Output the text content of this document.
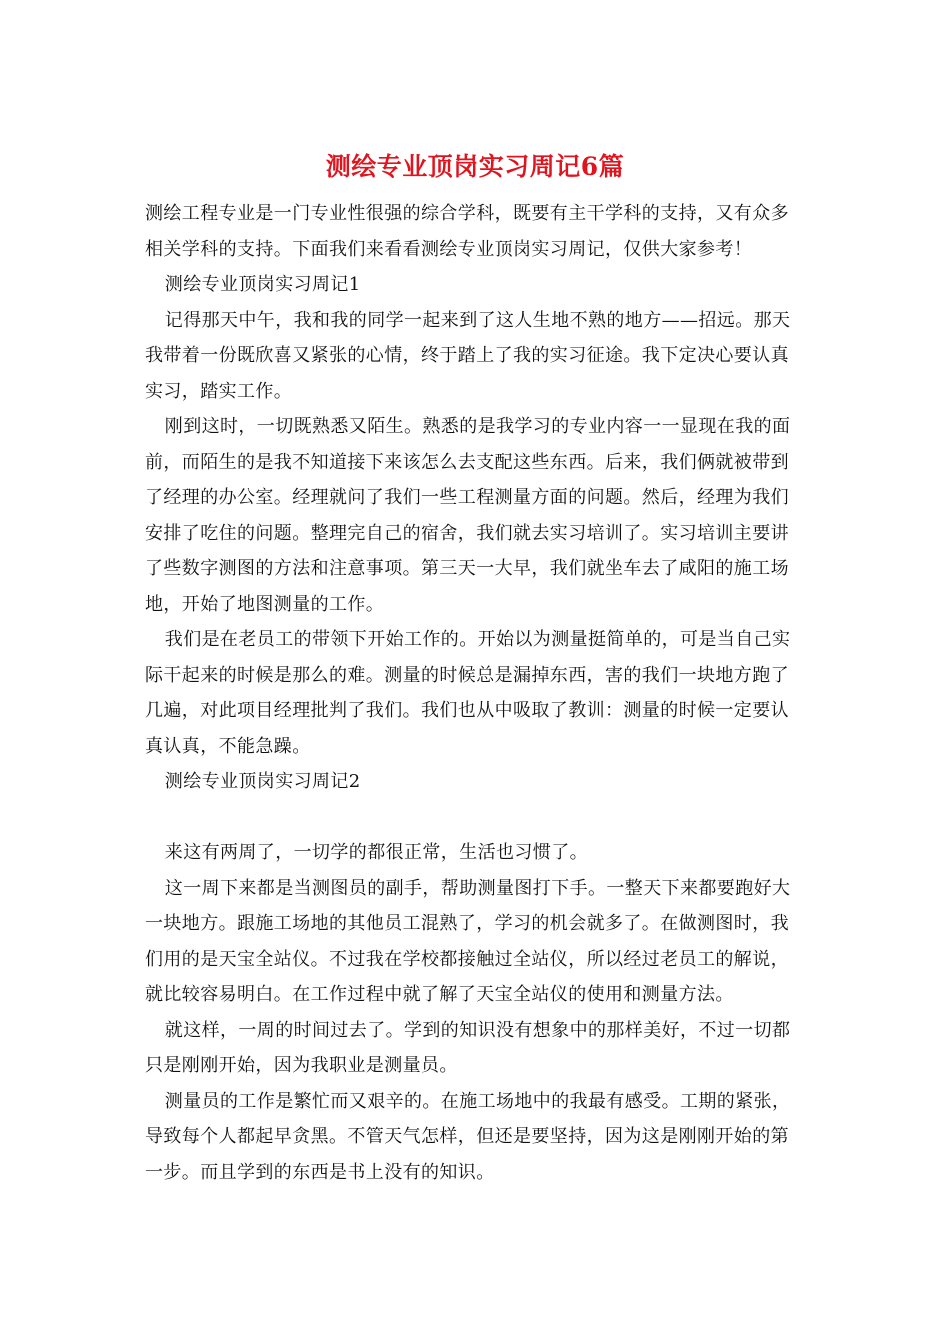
测绘专业顶岗实习周记6篇

测绘工程专业是一门专业性很强的综合学科，既要有主干学科的支持，又有众多相关学科的支持。下面我们来看看测绘专业顶岗实习周记，仅供大家参考！

测绘专业顶岗实习周记1

记得那天中午，我和我的同学一起来到了这人生地不熟的地方——招远。那天我带着一份既欣喜又紧张的心情，终于踏上了我的实习征途。我下定决心要认真实习，踏实工作。

刚到这时，一切既熟悉又陌生。熟悉的是我学习的专业内容一一显现在我的面前，而陌生的是我不知道接下来该怎么去支配这些东西。后来，我们俩就被带到了经理的办公室。经理就问了我们一些工程测量方面的问题。然后，经理为我们安排了吃住的问题。整理完自己的宿舍，我们就去实习培训了。实习培训主要讲了些数字测图的方法和注意事项。第三天一大早，我们就坐车去了咸阳的施工场地，开始了地图测量的工作。

我们是在老员工的带领下开始工作的。开始以为测量挺简单的，可是当自己实际干起来的时候是那么的难。测量的时候总是漏掉东西，害的我们一块地方跑了几遍，对此项目经理批判了我们。我们也从中吸取了教训：测量的时候一定要认真认真，不能急躁。

测绘专业顶岗实习周记2

来这有两周了，一切学的都很正常，生活也习惯了。

这一周下来都是当测图员的副手，帮助测量图打下手。一整天下来都要跑好大一块地方。跟施工场地的其他员工混熟了，学习的机会就多了。在做测图时，我们用的是天宝全站仪。不过我在学校都接触过全站仪，所以经过老员工的解说，就比较容易明白。在工作过程中就了解了天宝全站仪的使用和测量方法。

就这样，一周的时间过去了。学到的知识没有想象中的那样美好，不过一切都只是刚刚开始，因为我职业是测量员。

测量员的工作是繁忙而又艰辛的。在施工场地中的我最有感受。工期的紧张，导致每个人都起早贪黑。不管天气怎样，但还是要坚持，因为这是刚刚开始的第一步。而且学到的东西是书上没有的知识。
